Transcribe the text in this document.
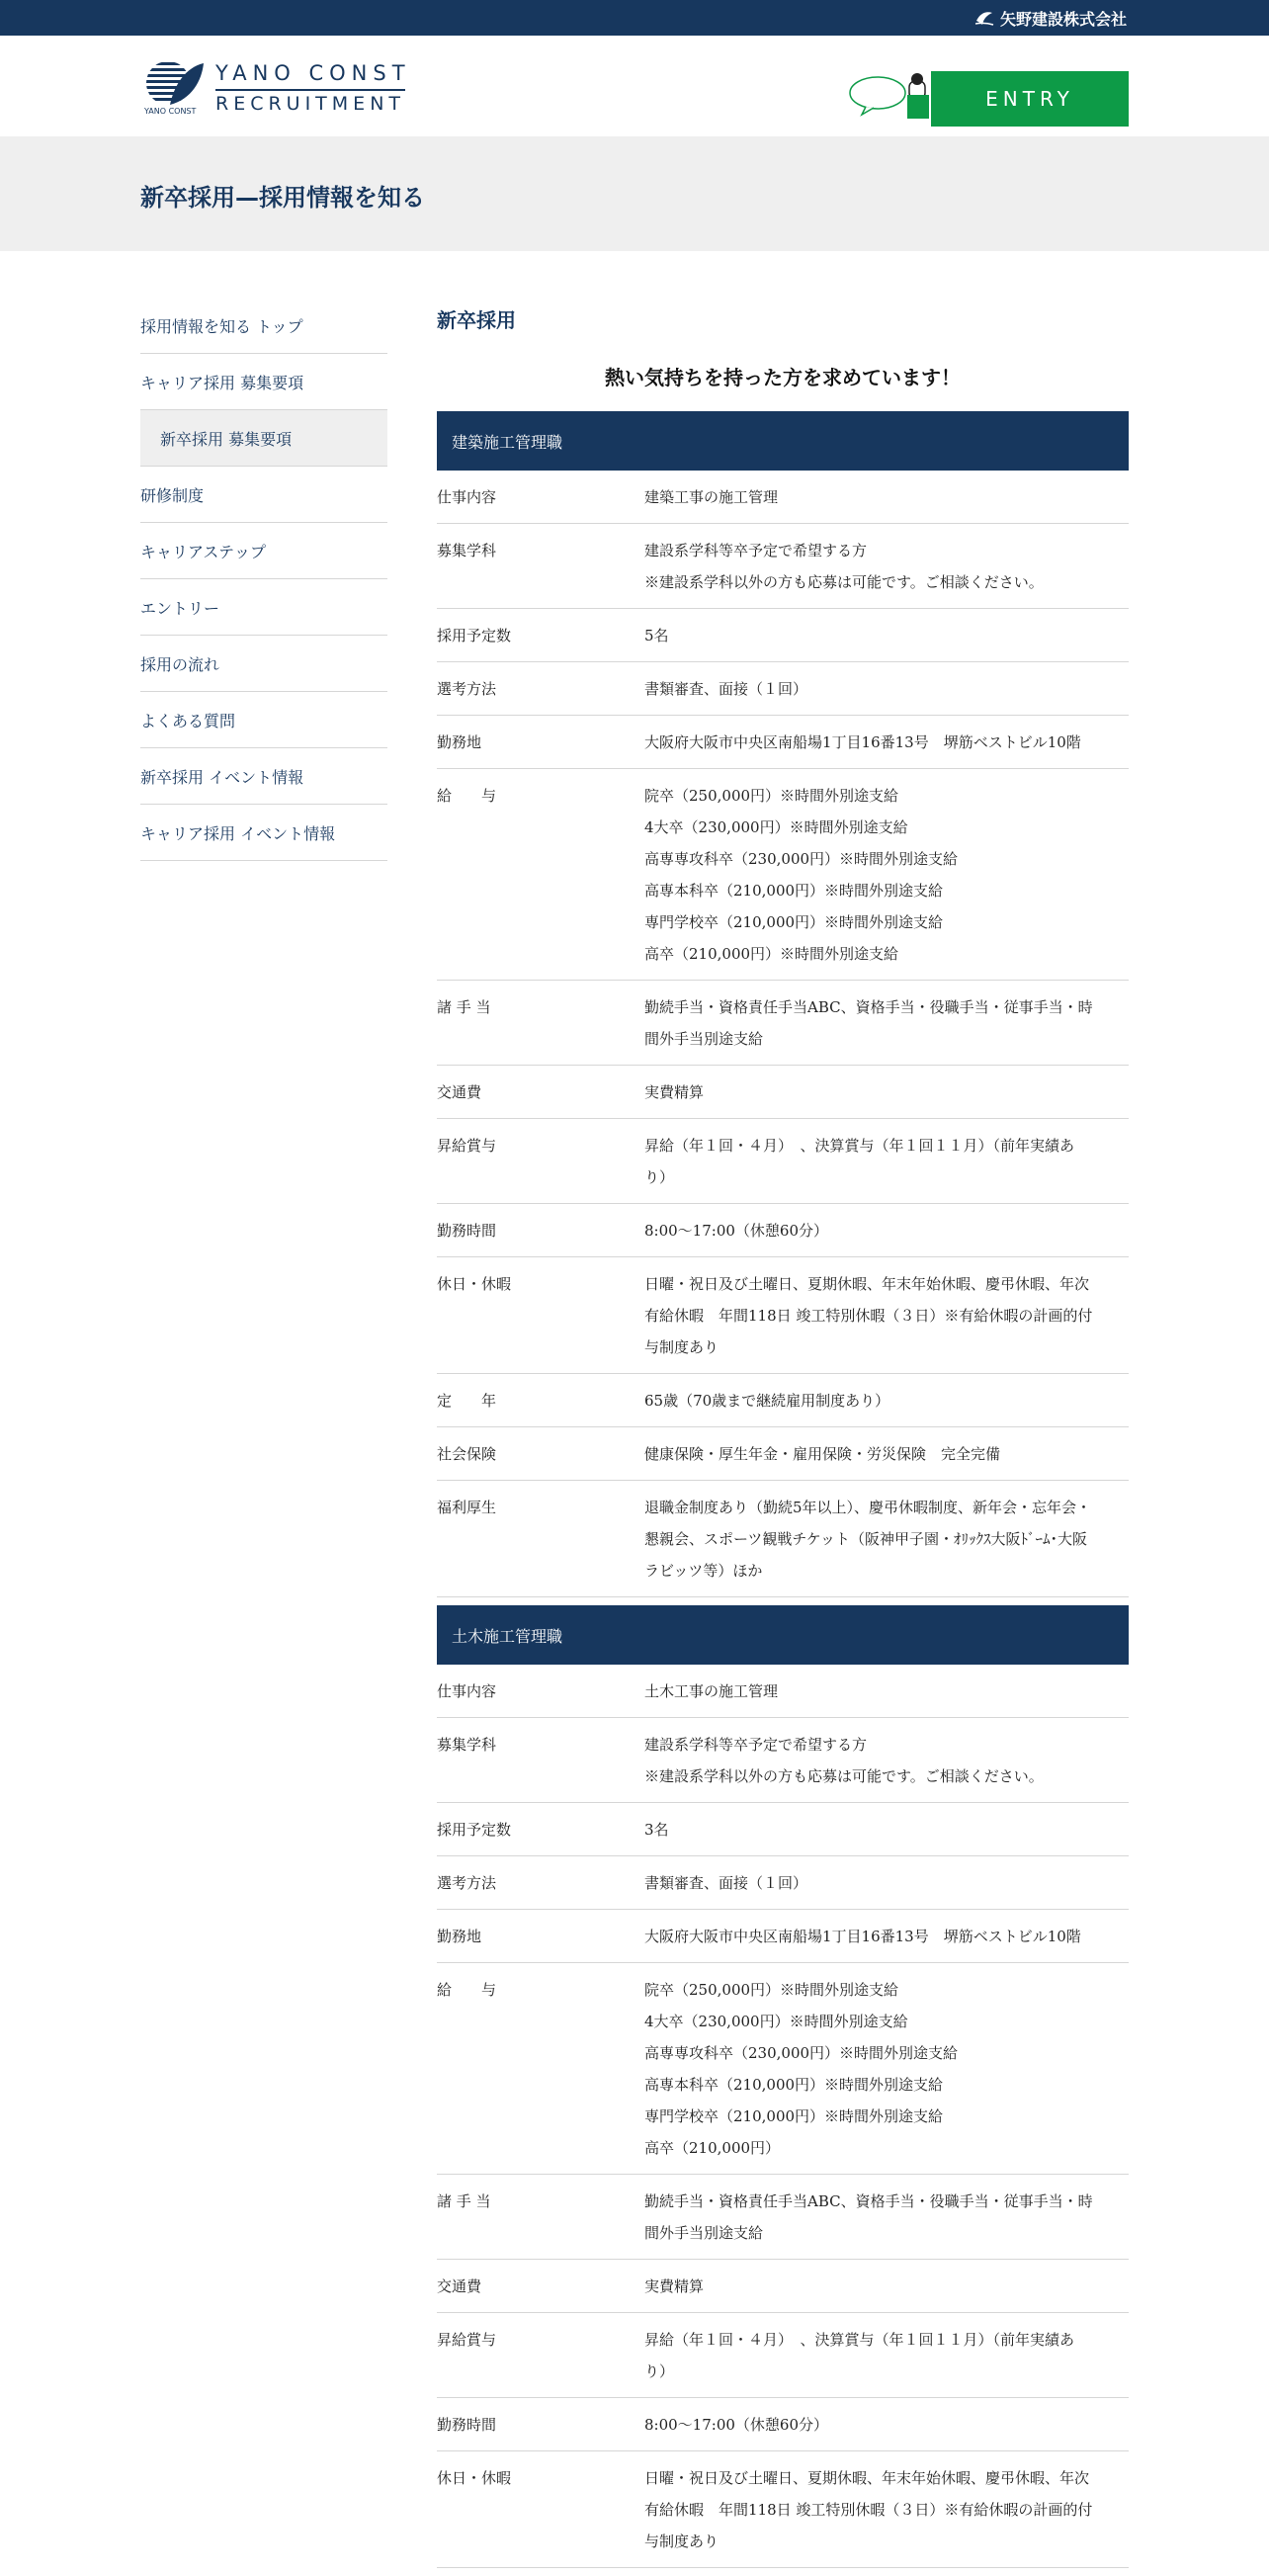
矢野建設株式会社
YANO CONST
RECRUITMENT
YANO CONST
ENTRY
新卒採用—採用情報を知る
採用情報を知る トップ
キャリア採用 募集要項
新卒採用 募集要項
研修制度
キャリアステップ
エントリー
採用の流れ
よくある質問
新卒採用 イベント情報
キャリア採用 イベント情報
新卒採用
熱い気持ちを持った方を求めています！
建築施工管理職
仕事内容	建築工事の施工管理
募集学科	建設系学科等卒予定で希望する方
※建設系学科以外の方も応募は可能です。ご相談ください。
採用予定数	5名
選考方法	書類審査、面接（１回）
勤務地	大阪府大阪市中央区南船場1丁目16番13号　堺筋ベストビル10階
給　　与	院卒（250,000円）※時間外別途支給
4大卒（230,000円）※時間外別途支給
高専専攻科卒（230,000円）※時間外別途支給
高専本科卒（210,000円）※時間外別途支給
専門学校卒（210,000円）※時間外別途支給
高卒（210,000円）※時間外別途支給
諸 手 当	勤続手当・資格責任手当ABC、資格手当・役職手当・従事手当・時
間外手当別途支給
交通費	実費精算
昇給賞与	昇給（年１回・４月）　、決算賞与（年１回１１月）（前年実績あ
り）
勤務時間	8:00～17:00（休憩60分）
休日・休暇	日曜・祝日及び土曜日、夏期休暇、年末年始休暇、慶弔休暇、年次
有給休暇　年間118日 竣工特別休暇（３日）※有給休暇の計画的付
与制度あり
定　　年	65歳（70歳まで継続雇用制度あり）
社会保険	健康保険・厚生年金・雇用保険・労災保険　完全完備
福利厚生	退職金制度あり（勤続5年以上）、慶弔休暇制度、新年会・忘年会・
懇親会、スポーツ観戦チケット（阪神甲子園・ｵﾘｯｸｽ大阪ﾄﾞｰﾑ･大阪
ラビッツ等）ほか
土木施工管理職
仕事内容	土木工事の施工管理
募集学科	建設系学科等卒予定で希望する方
※建設系学科以外の方も応募は可能です。ご相談ください。
採用予定数	3名
選考方法	書類審査、面接（１回）
勤務地	大阪府大阪市中央区南船場1丁目16番13号　堺筋ベストビル10階
給　　与	院卒（250,000円）※時間外別途支給
4大卒（230,000円）※時間外別途支給
高専専攻科卒（230,000円）※時間外別途支給
高専本科卒（210,000円）※時間外別途支給
専門学校卒（210,000円）※時間外別途支給
高卒（210,000円）
諸 手 当	勤続手当・資格責任手当ABC、資格手当・役職手当・従事手当・時
間外手当別途支給
交通費	実費精算
昇給賞与	昇給（年１回・４月）　、決算賞与（年１回１１月）（前年実績あ
り）
勤務時間	8:00～17:00（休憩60分）
休日・休暇	日曜・祝日及び土曜日、夏期休暇、年末年始休暇、慶弔休暇、年次
有給休暇　年間118日 竣工特別休暇（３日）※有給休暇の計画的付
与制度あり
